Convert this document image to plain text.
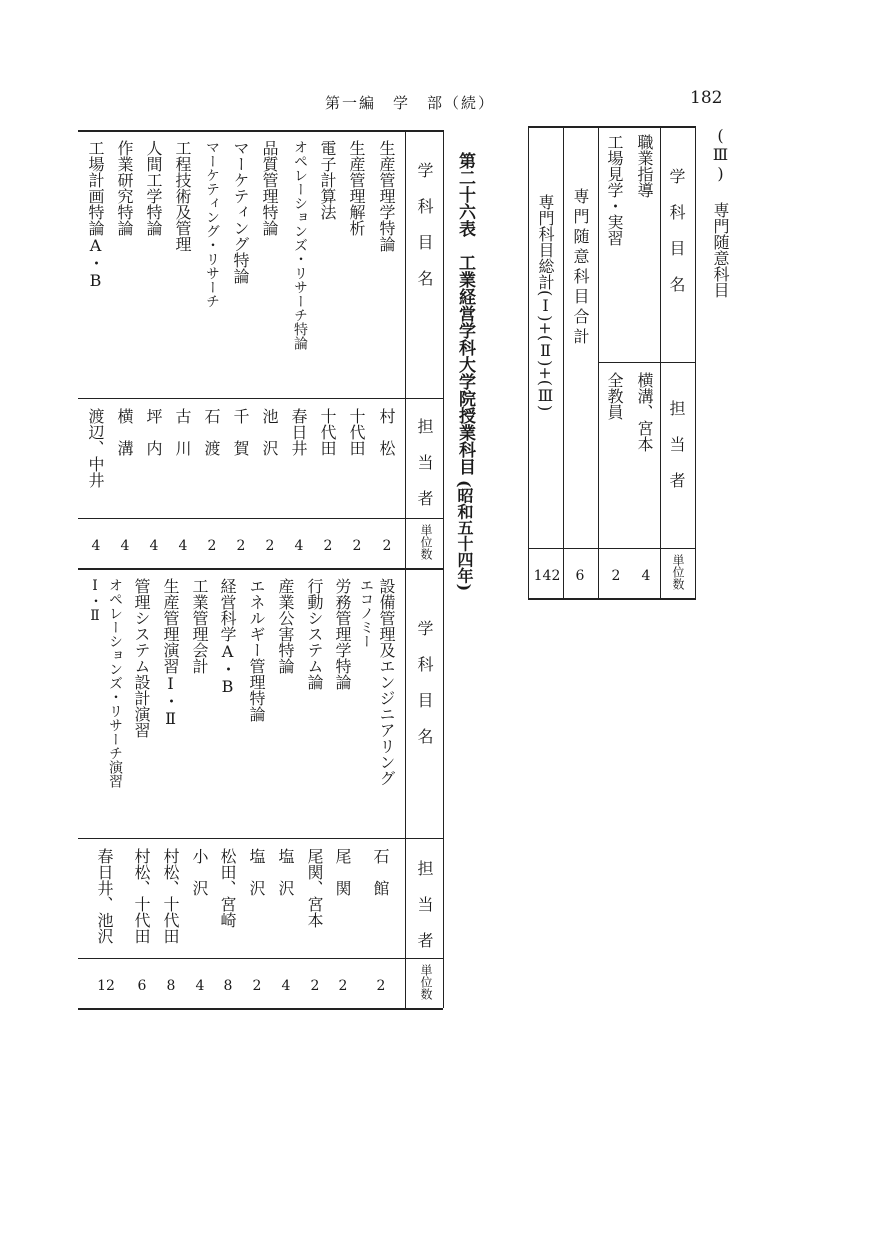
第一編　学　部（続）	182
(Ⅲ) 専門随意科目
学科目名
担当者
単位数
職業指導
横溝、宮本
4
工場見学・実習
全教員
2
専門随意科目合計
6
専門科目総計(Ⅰ)+(Ⅱ)+(Ⅲ)
142
第二十六表　工業経営学科大学院授業科目
(昭和五十四年)
学科目名
担当者
単位数
学科目名
担当者
単位数
生産管理学特論
村　松
2
生産管理解析
十代田
2
電子計算法
十代田
2
オペレーションズ・リサーチ特論
春日井
4
品質管理特論
池　沢
2
マーケティング特論
千　賀
2
マーケティング・リサーチ
石　渡
2
工程技術及管理
古　川
4
人間工学特論
坪　内
4
作業研究特論
横　溝
4
工場計画特論A・B
渡辺、中井
4
設備管理及エンジニアリング
エコノミー
石　館
2
労務管理学特論
尾　関
2
行動システム論
尾関、宮本
2
産業公害特論
塩　沢
4
エネルギー管理特論
塩　沢
2
経営科学A・B
松田、宮崎
8
工業管理会計
小　沢
4
生産管理演習Ⅰ・Ⅱ
村松、十代田
8
管理システム設計演習
村松、十代田
6
オペレーションズ・リサーチ演習
Ⅰ・Ⅱ
春日井、池沢
12
